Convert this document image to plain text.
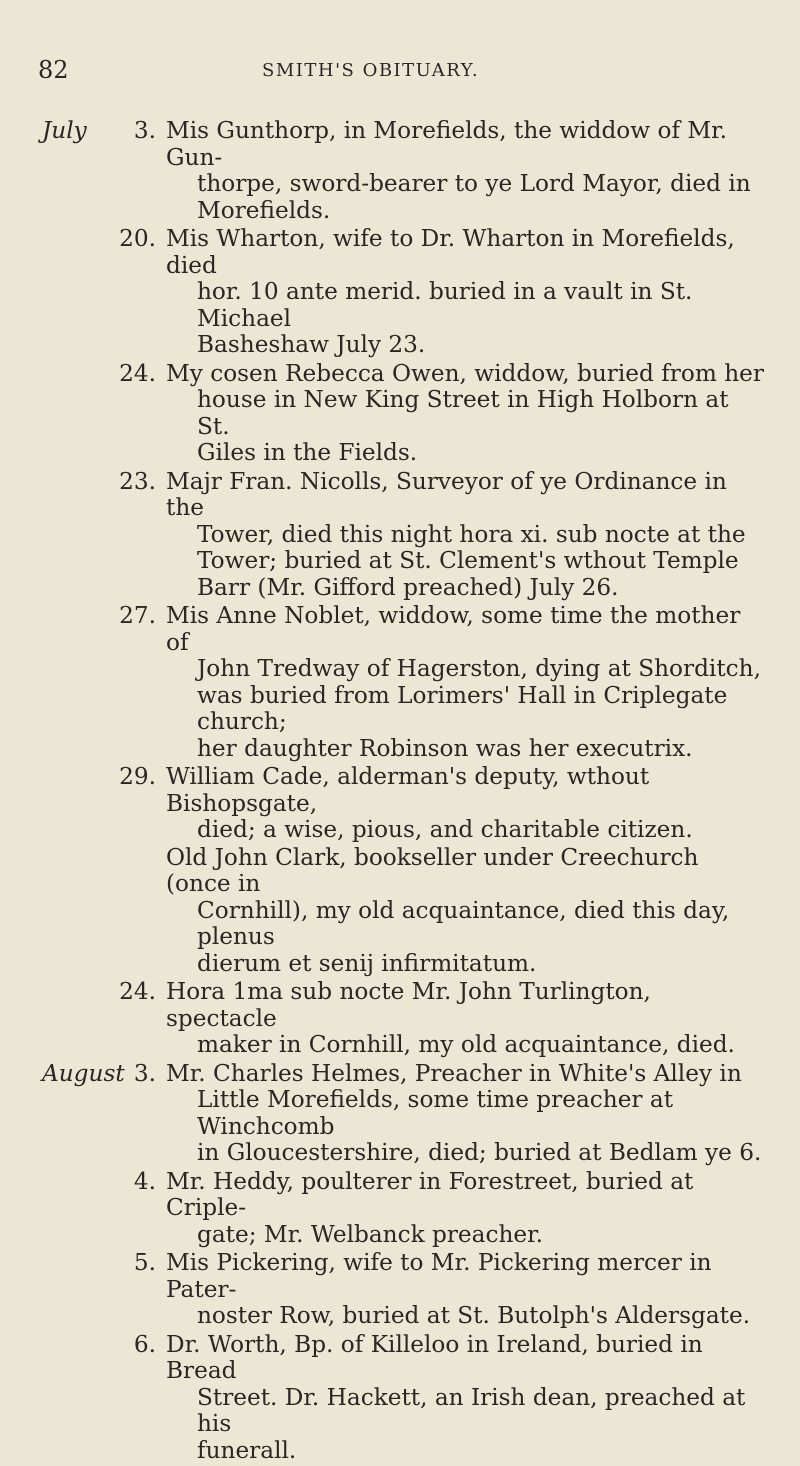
82	SMITH'S OBITUARY.
July	3. Mis Gunthorp, in Morefields, the widdow of Mr. Gun-
thorpe, sword-bearer to ye Lord Mayor, died in
Morefields.
20. Mis Wharton, wife to Dr. Wharton in Morefields, died
hor. 10 ante merid. buried in a vault in St. Michael
Basheshaw July 23.
24. My cosen Rebecca Owen, widdow, buried from her
house in New King Street in High Holborn at St.
Giles in the Fields.
23. Majr Fran. Nicolls, Surveyor of ye Ordinance in the
Tower, died this night hora xi. sub nocte at the
Tower; buried at St. Clement's wthout Temple
Barr (Mr. Gifford preached) July 26.
27. Mis Anne Noblet, widdow, some time the mother of
John Tredway of Hagerston, dying at Shorditch,
was buried from Lorimers' Hall in Criplegate church;
her daughter Robinson was her executrix.
29. William Cade, alderman's deputy, wthout Bishopsgate,
died; a wise, pious, and charitable citizen.
Old John Clark, bookseller under Creechurch (once in
Cornhill), my old acquaintance, died this day, plenus
dierum et senij infirmitatum.
24. Hora 1ma sub nocte Mr. John Turlington, spectacle
maker in Cornhill, my old acquaintance, died.
August 3. Mr. Charles Helmes, Preacher in White's Alley in
Little Morefields, some time preacher at Winchcomb
in Gloucestershire, died; buried at Bedlam ye 6.
4. Mr. Heddy, poulterer in Forestreet, buried at Criple-
gate; Mr. Welbanck preacher.
5. Mis Pickering, wife to Mr. Pickering mercer in Pater-
noster Row, buried at St. Butolph's Aldersgate.
6. Dr. Worth, Bp. of Killeloo in Ireland, buried in Bread
Street. Dr. Hackett, an Irish dean, preached at his
funerall.
